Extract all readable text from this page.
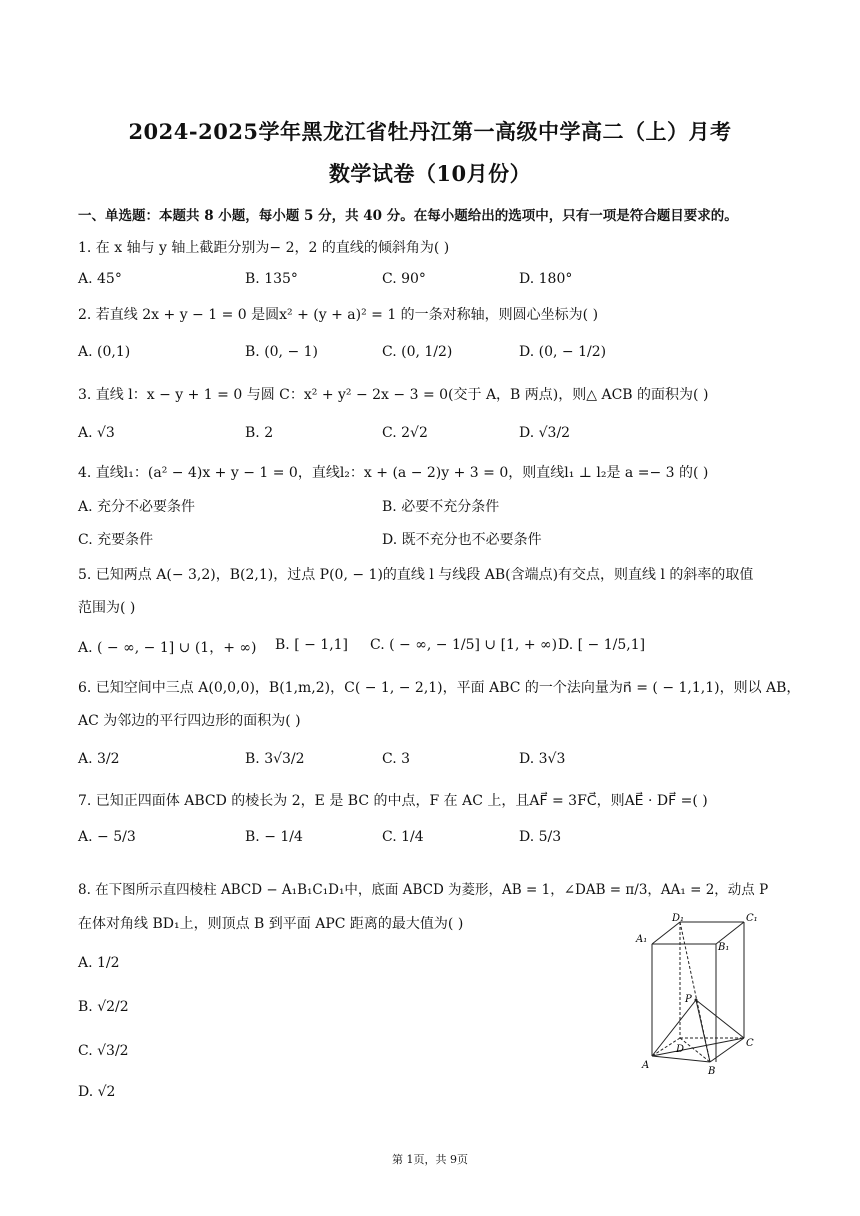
2024-2025学年黑龙江省牡丹江第一高级中学高二（上）月考
数学试卷（10月份）
一、单选题：本题共 8 小题，每小题 5 分，共 40 分。在每小题给出的选项中，只有一项是符合题目要求的。
1. 在 x 轴与 y 轴上截距分别为− 2，2 的直线的倾斜角为( )
A. 45°	B. 135°	C. 90°	D. 180°
2. 若直线 2x + y − 1 = 0 是圆x² + (y + a)² = 1 的一条对称轴，则圆心坐标为( )
A. (0,1)	B. (0, − 1)	C. (0, 1/2)	D. (0, − 1/2)
3. 直线 l：x − y + 1 = 0 与圆 C：x² + y² − 2x − 3 = 0(交于 A，B 两点)，则△ ACB 的面积为( )
A. √3	B. 2	C. 2√2	D. √3/2
4. 直线l₁：(a² − 4)x + y − 1 = 0，直线l₂：x + (a − 2)y + 3 = 0，则直线l₁ ⊥ l₂是 a =− 3 的( )
A. 充分不必要条件	B. 必要不充分条件
C. 充要条件	D. 既不充分也不必要条件
5. 已知两点 A(− 3,2)，B(2,1)，过点 P(0, − 1)的直线 l 与线段 AB(含端点)有交点，则直线 l 的斜率的取值
范围为( )
A. ( − ∞, − 1] ∪ (1，+ ∞) B. [ − 1,1] C. ( − ∞, − 1/5] ∪ [1, + ∞) D. [ − 1/5,1]
6. 已知空间中三点 A(0,0,0)，B(1,m,2)，C( − 1, − 2,1)，平面 ABC 的一个法向量为n⃗ = ( − 1,1,1)，则以 AB，
AC 为邻边的平行四边形的面积为( )
A. 3/2	B. 3√3/2	C. 3	D. 3√3
7. 已知正四面体 ABCD 的棱长为 2，E 是 BC 的中点，F 在 AC 上，且AF⃗ = 3FC⃗，则AE⃗ · DF⃗ =( )
A. − 5/3	B. − 1/4	C. 1/4	D. 5/3
8. 在下图所示直四棱柱 ABCD − A₁B₁C₁D₁中，底面 ABCD 为菱形，AB = 1，∠DAB = π/3，AA₁ = 2，动点 P
在体对角线 BD₁上，则顶点 B 到平面 APC 距离的最大值为( )
A. 1/2
B. √2/2
C. √3/2
D. √2
D₁	C₁
A₁
B₁
P
D
C
A
B
第 1页，共 9页
